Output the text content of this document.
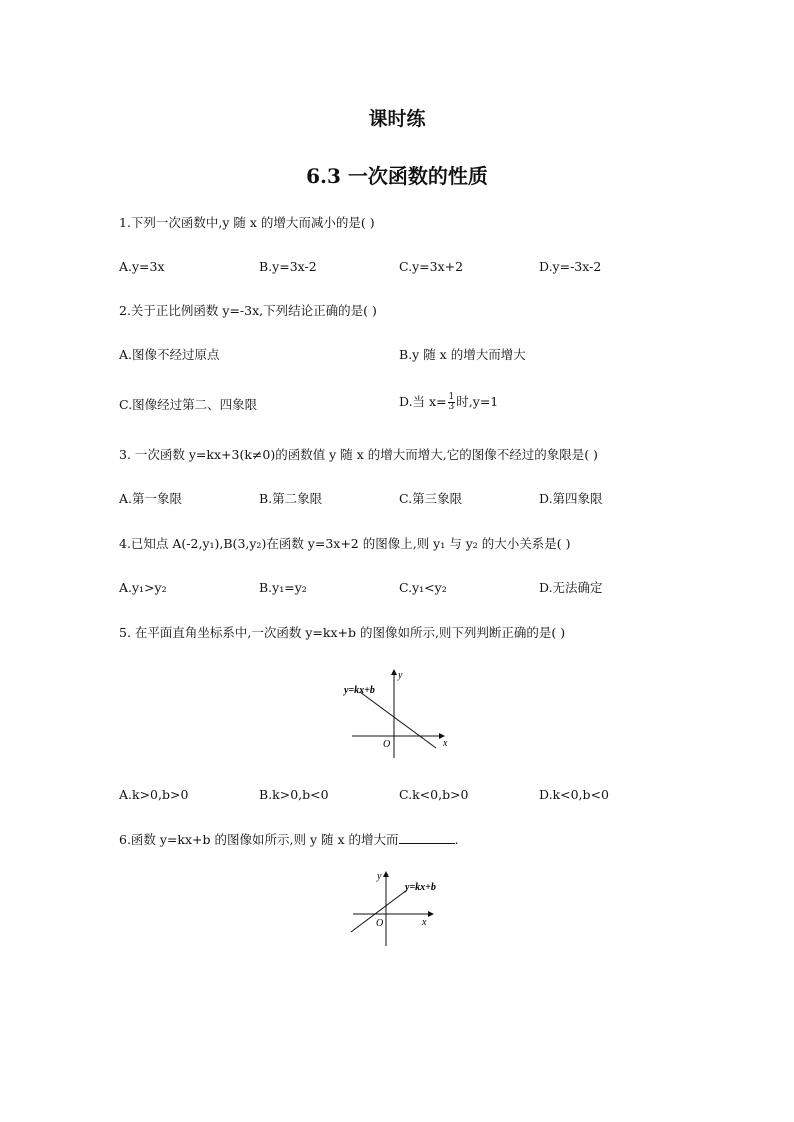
课时练
6.3 一次函数的性质
1.下列一次函数中,y 随 x 的增大而减小的是( )
A.y=3x	B.y=3x-2	C.y=3x+2	D.y=-3x-2
2.关于正比例函数 y=-3x,下列结论正确的是( )
A.图像不经过原点	B.y 随 x 的增大而增大
C.图像经过第二、四象限	D.当 $x= \frac{1}{3}$ 时,y=1
3. 一次函数 y=kx+3(k≠0)的函数值 y 随 x 的增大而增大,它的图像不经过的象限是( )
A.第一象限	B.第二象限	C.第三象限	D.第四象限
4.已知点 A(-2,y₁),B(3,y₂)在函数 y=3x+2 的图像上,则 y₁ 与 y₂ 的大小关系是( )
A.y₁>y₂	B.y₁=y₂	C.y₁<y₂	D.无法确定
5. 在平面直角坐标系中,一次函数 y=kx+b 的图像如所示,则下列判断正确的是( )
y=kx+b
x
y
O
A.k>0,b>0	B.k>0,b<0	C.k<0,b>0	D.k<0,b<0
6.函数 y=kx+b 的图像如所示,则 y 随 x 的增大而	.
y=kx+b
x
y
O
